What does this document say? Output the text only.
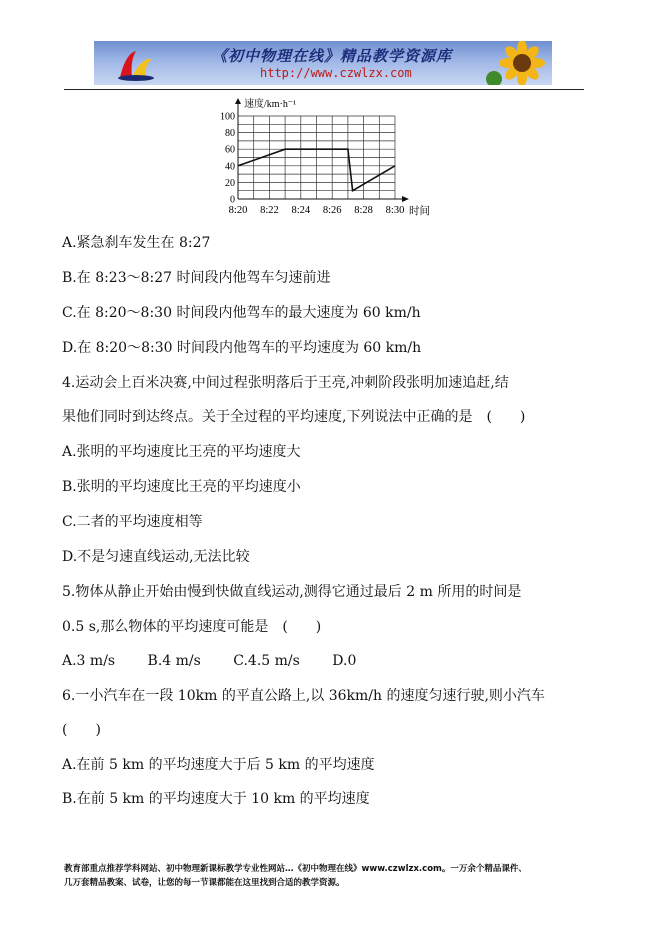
《初中物理在线》精品教学资源库
http://www.czwlzx.com
0
20
40
60
80
100
8:20 8:22 8:24 8:26 8:28 8:30
速度/km·h⁻¹
时间
A.紧急刹车发生在 8:27
B.在 8:23～8:27 时间段内他驾车匀速前进
C.在 8:20～8:30 时间段内他驾车的最大速度为 60 km/h
D.在 8:20～8:30 时间段内他驾车的平均速度为 60 km/h
4.运动会上百米决赛,中间过程张明落后于王亮,冲刺阶段张明加速追赶,结
果他们同时到达终点。关于全过程的平均速度,下列说法中正确的是　(　　)
A.张明的平均速度比王亮的平均速度大
B.张明的平均速度比王亮的平均速度小
C.二者的平均速度相等
D.不是匀速直线运动,无法比较
5.物体从静止开始由慢到快做直线运动,测得它通过最后 2 m 所用的时间是
0.5 s,那么物体的平均速度可能是　(　　)
A.3 m/s　　 B.4 m/s　　 C.4.5 m/s　　 D.0
6.一小汽车在一段 10km 的平直公路上,以 36km/h 的速度匀速行驶,则小汽车
(　　)
A.在前 5 km 的平均速度大于后 5 km 的平均速度
B.在前 5 km 的平均速度大于 10 km 的平均速度
教育部重点推荐学科网站、初中物理新课标教学专业性网站…《初中物理在线》www.czwlzx.com。一万余个精品课件、
几万套精品教案、试卷，让您的每一节课都能在这里找到合适的教学资源。
